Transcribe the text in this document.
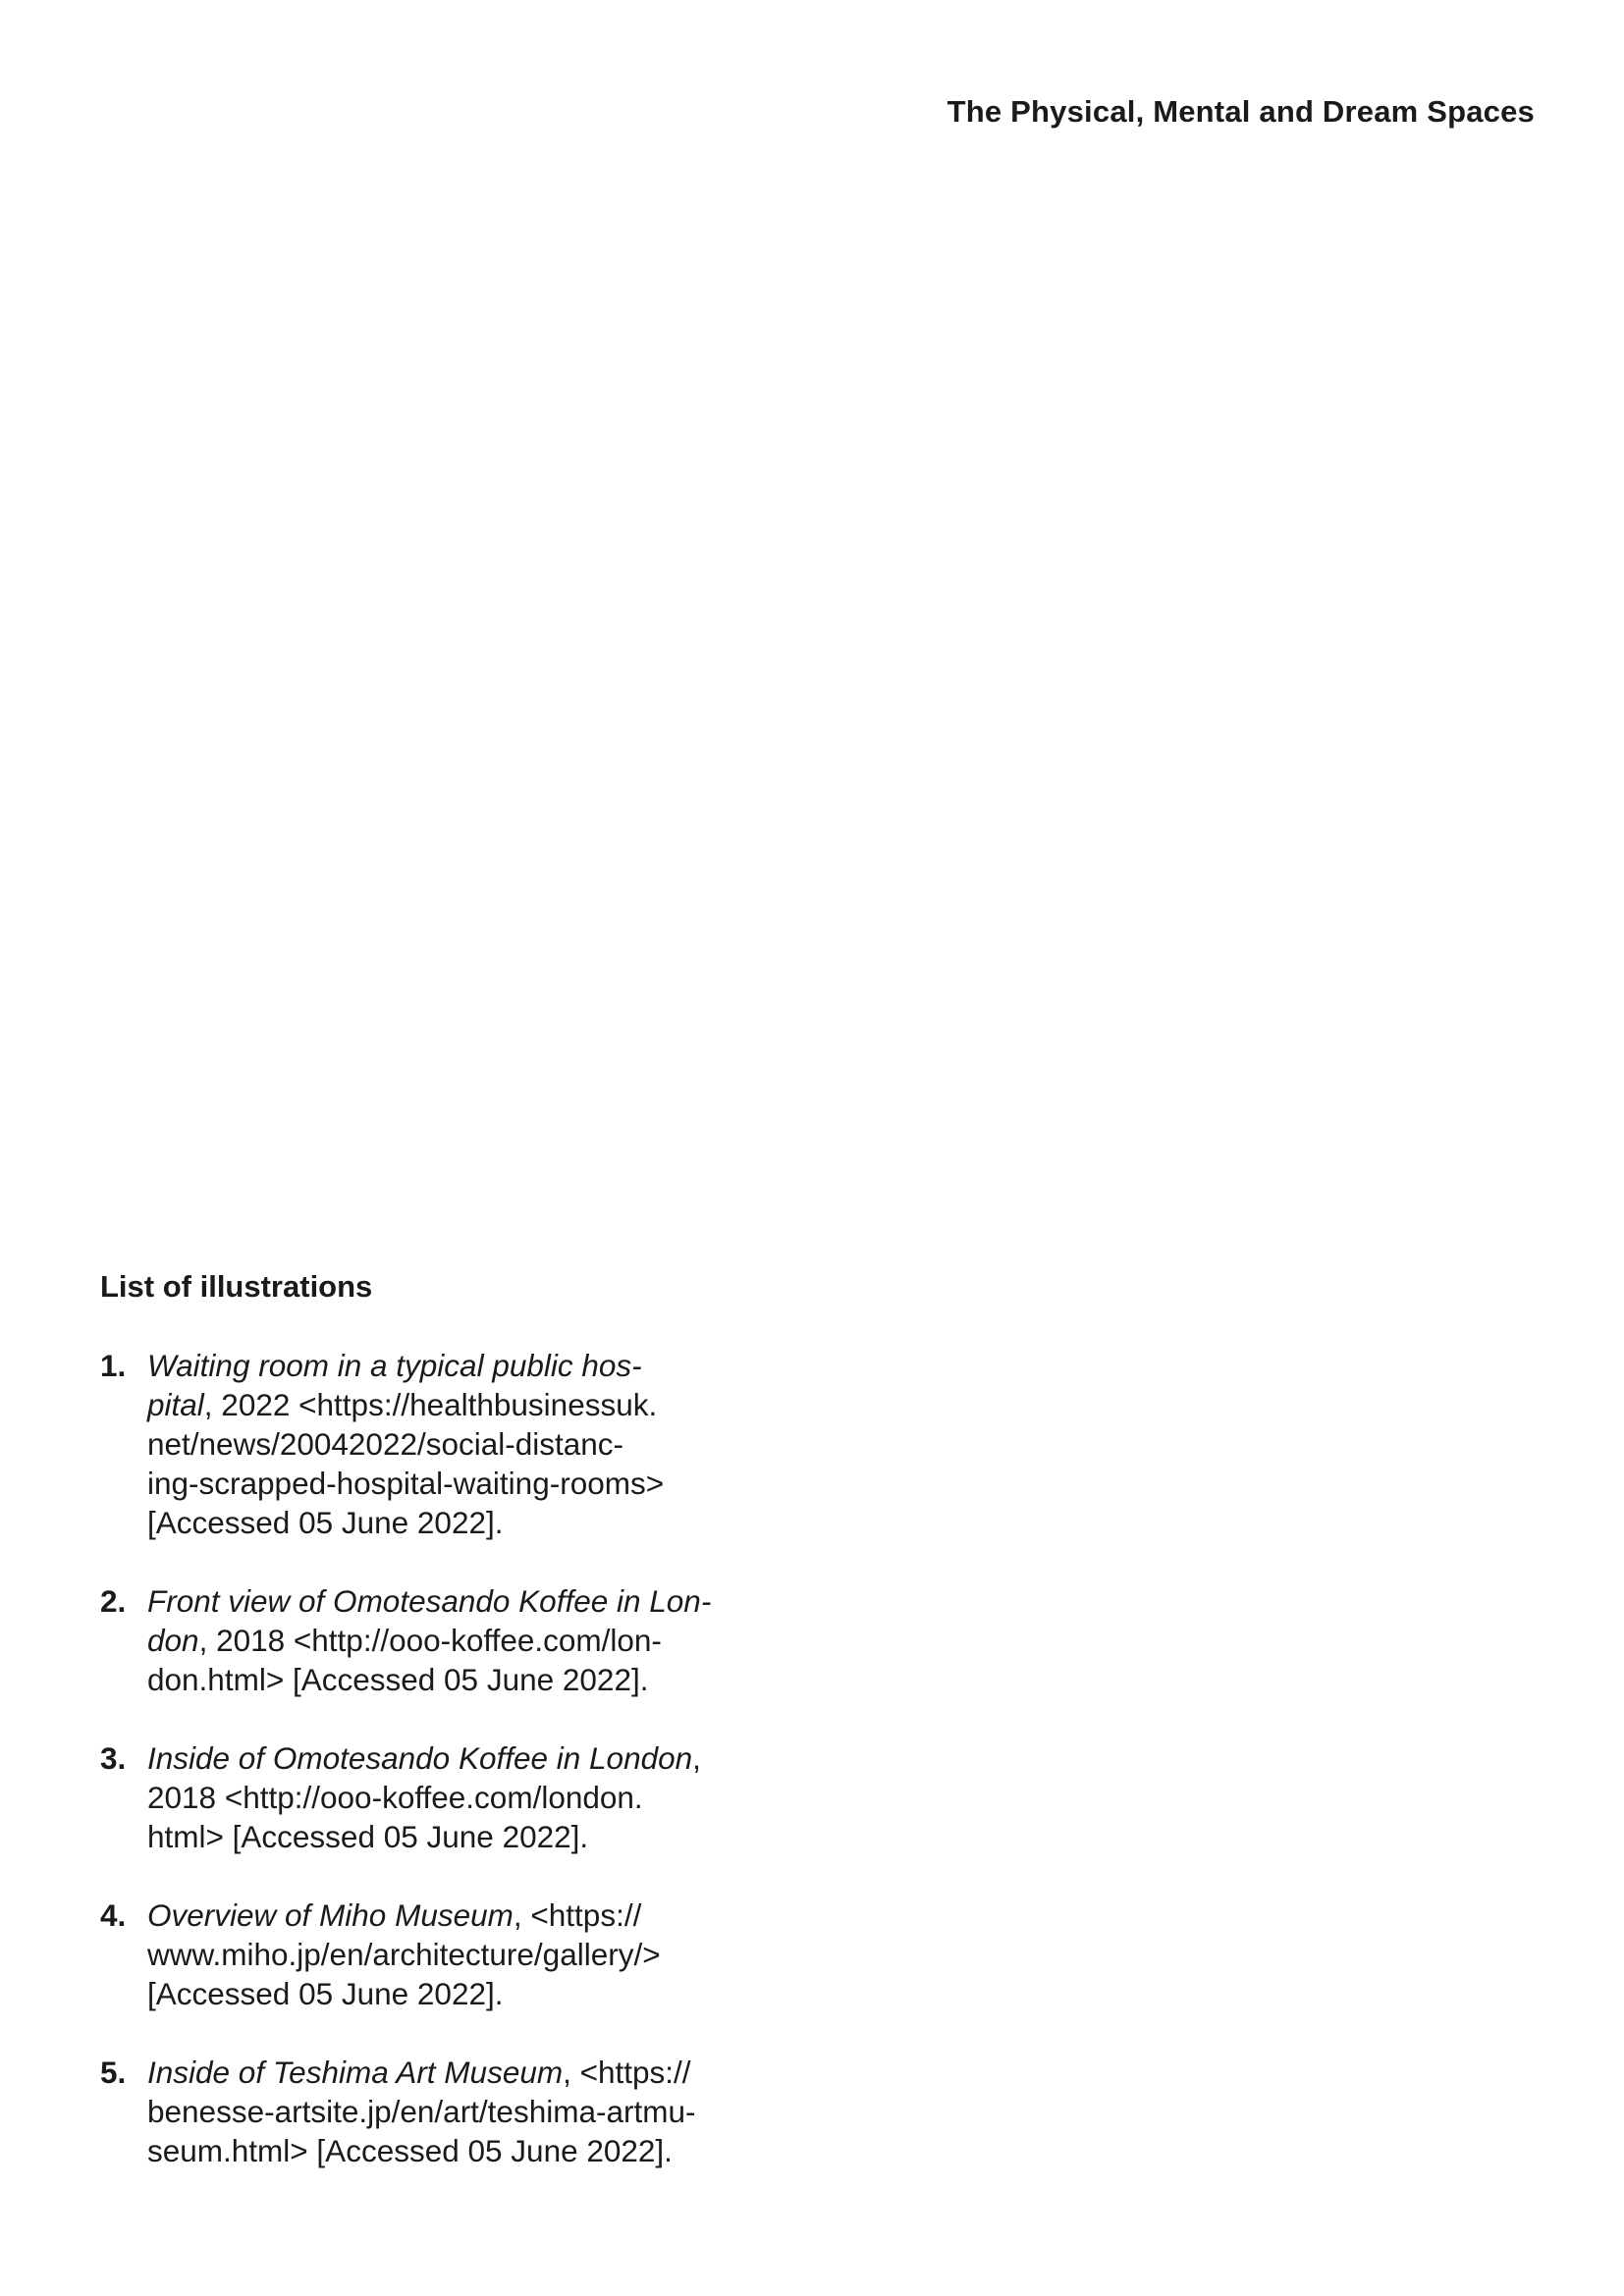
The Physical, Mental and Dream Spaces
List of illustrations
1. Waiting room in a typical public hos-
pital, 2022 <https://healthbusinessuk.
net/news/20042022/social-distanc-
ing-scrapped-hospital-waiting-rooms>
[Accessed 05 June 2022].
2. Front view of Omotesando Koffee in Lon-
don, 2018 <http://ooo-koffee.com/lon-
don.html> [Accessed 05 June 2022].
3. Inside of Omotesando Koffee in London,
2018 <http://ooo-koffee.com/london.
html> [Accessed 05 June 2022].
4. Overview of Miho Museum, <https://
www.miho.jp/en/architecture/gallery/>
[Accessed 05 June 2022].
5. Inside of Teshima Art Museum, <https://
benesse-artsite.jp/en/art/teshima-artmu-
seum.html> [Accessed 05 June 2022].
